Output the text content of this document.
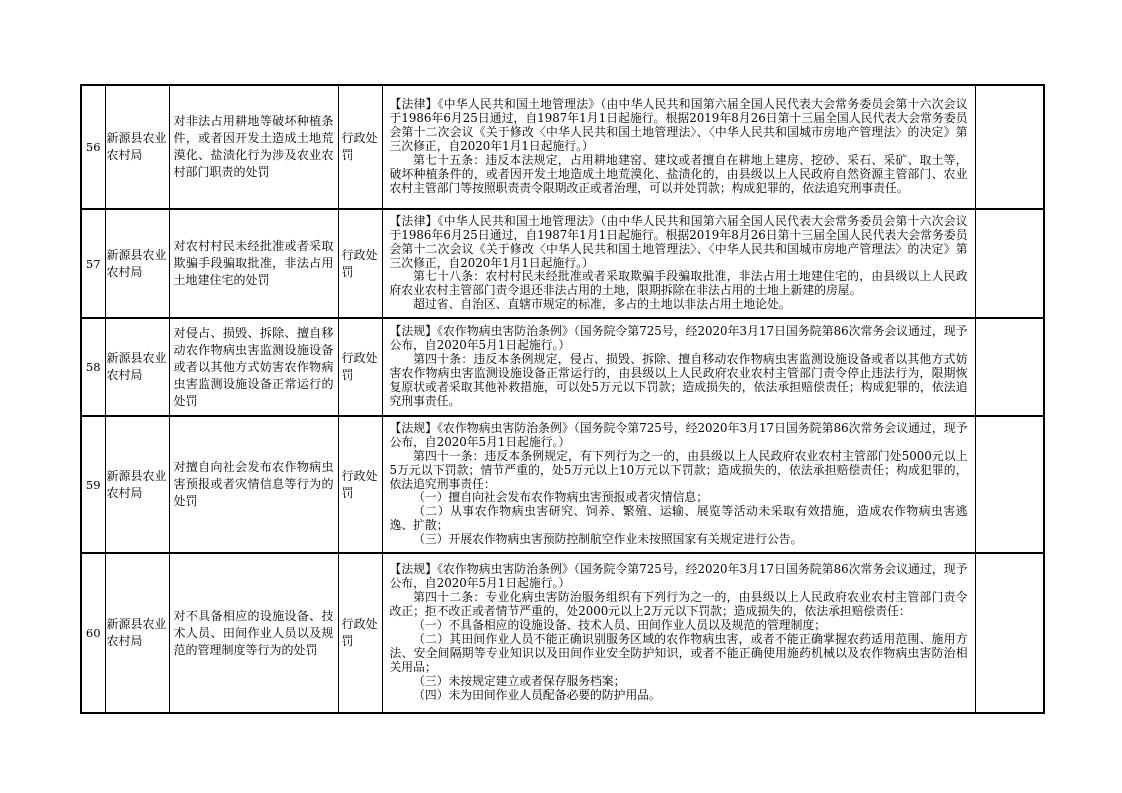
56	新源县农业农村局	对非法占用耕地等破坏种植条件，或者因开发土造成土地荒漠化、盐渍化行为涉及农业农村部门职责的处罚	行政处罚	【法律】《中华人民共和国土地管理法》（由中华人民共和国第六届全国人民代表大会常务委员会第十六次会议于1986年6月25日通过，自1987年1月1日起施行。根据2019年8月26日第十三届全国人民代表大会常务委员会第十二次会议《关于修改〈中华人民共和国土地管理法〉、〈中华人民共和国城市房地产管理法〉的决定》第三次修正，自2020年1月1日起施行。）
第七十五条：违反本法规定，占用耕地建窑、建坟或者擅自在耕地上建房、挖砂、采石、采矿、取土等，破坏种植条件的，或者因开发土地造成土地荒漠化、盐渍化的，由县级以上人民政府自然资源主管部门、农业农村主管部门等按照职责责令限期改正或者治理，可以并处罚款；构成犯罪的，依法追究刑事责任。	

57	新源县农业农村局	对农村村民未经批准或者采取欺骗手段骗取批准，非法占用土地建住宅的处罚	行政处罚	【法律】《中华人民共和国土地管理法》（由中华人民共和国第六届全国人民代表大会常务委员会第十六次会议于1986年6月25日通过，自1987年1月1日起施行。根据2019年8月26日第十三届全国人民代表大会常务委员会第十二次会议《关于修改〈中华人民共和国土地管理法〉、〈中华人民共和国城市房地产管理法〉的决定》第三次修正，自2020年1月1日起施行。）
第七十八条：农村村民未经批准或者采取欺骗手段骗取批准，非法占用土地建住宅的，由县级以上人民政府农业农村主管部门责令退还非法占用的土地，限期拆除在非法占用的土地上新建的房屋。
超过省、自治区、直辖市规定的标准，多占的土地以非法占用土地论处。	

58	新源县农业农村局	对侵占、损毁、拆除、擅自移动农作物病虫害监测设施设备或者以其他方式妨害农作物病虫害监测设施设备正常运行的处罚	行政处罚	【法规】《农作物病虫害防治条例》（国务院令第725号，经2020年3月17日国务院第86次常务会议通过，现予公布，自2020年5月1日起施行。）
第四十条：违反本条例规定，侵占、损毁、拆除、擅自移动农作物病虫害监测设施设备或者以其他方式妨害农作物病虫害监测设施设备正常运行的，由县级以上人民政府农业农村主管部门责令停止违法行为，限期恢复原状或者采取其他补救措施，可以处5万元以下罚款；造成损失的，依法承担赔偿责任；构成犯罪的，依法追究刑事责任。	

59	新源县农业农村局	对擅自向社会发布农作物病虫害预报或者灾情信息等行为的处罚	行政处罚	【法规】《农作物病虫害防治条例》（国务院令第725号，经2020年3月17日国务院第86次常务会议通过，现予公布，自2020年5月1日起施行。）
第四十一条：违反本条例规定，有下列行为之一的，由县级以上人民政府农业农村主管部门处5000元以上5万元以下罚款；情节严重的，处5万元以上10万元以下罚款；造成损失的，依法承担赔偿责任；构成犯罪的，依法追究刑事责任：
（一）擅自向社会发布农作物病虫害预报或者灾情信息；
（二）从事农作物病虫害研究、饲养、繁殖、运输、展览等活动未采取有效措施，造成农作物病虫害逃逸、扩散；
（三）开展农作物病虫害预防控制航空作业未按照国家有关规定进行公告。	

60	新源县农业农村局	对不具备相应的设施设备、技术人员、田间作业人员以及规范的管理制度等行为的处罚	行政处罚	
【法规】《农作物病虫害防治条例》（国务院令第725号，经2020年3月17日国务院第86次常务会议通过，现予公布，自2020年5月1日起施行。）
第四十二条：专业化病虫害防治服务组织有下列行为之一的，由县级以上人民政府农业农村主管部门责令改正；拒不改正或者情节严重的，处2000元以上2万元以下罚款；造成损失的，依法承担赔偿责任：
（一）不具备相应的设施设备、技术人员、田间作业人员以及规范的管理制度；
（二）其田间作业人员不能正确识别服务区域的农作物病虫害，或者不能正确掌握农药适用范围、施用方法、安全间隔期等专业知识以及田间作业安全防护知识，或者不能正确使用施药机械以及农作物病虫害防治相关用品；
（三）未按规定建立或者保存服务档案；
（四）未为田间作业人员配备必要的防护用品。
